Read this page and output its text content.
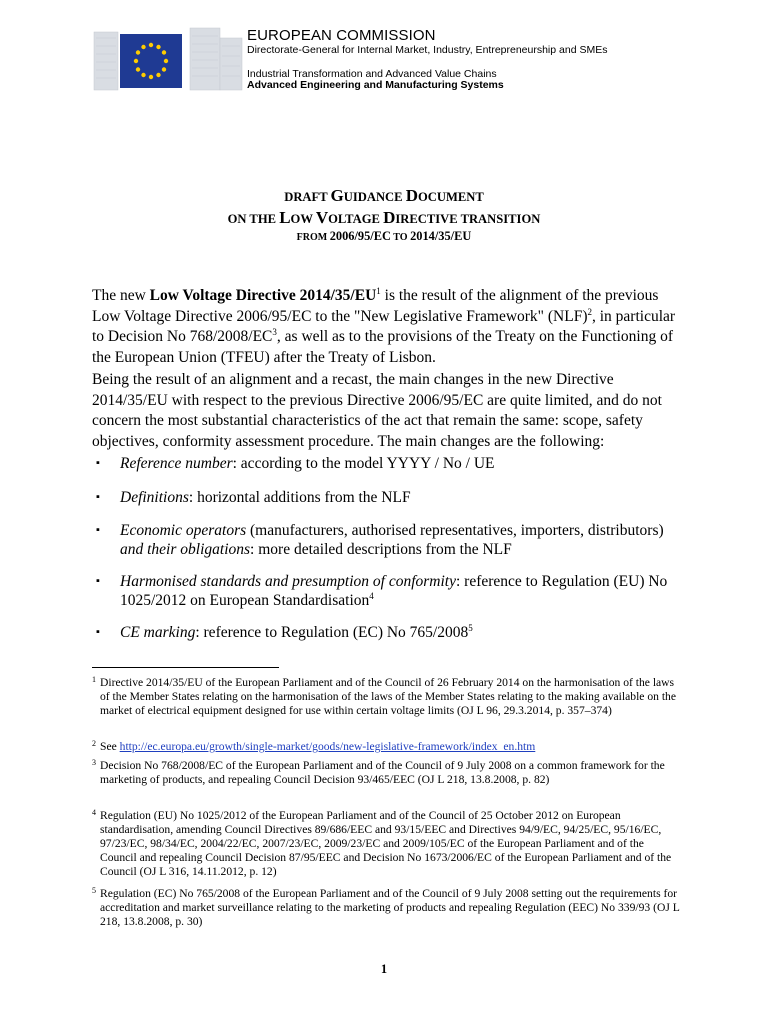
EUROPEAN COMMISSION
Directorate-General for Internal Market, Industry, Entrepreneurship and SMEs
Industrial Transformation and Advanced Value Chains
Advanced Engineering and Manufacturing Systems
DRAFT GUIDANCE DOCUMENT
ON THE LOW VOLTAGE DIRECTIVE TRANSITION
FROM 2006/95/EC TO 2014/35/EU
The new Low Voltage Directive $2014/35/EU^1$ is the result of the alignment of the previous Low Voltage Directive 2006/95/EC to the "New Legislative Framework" (NLF)$^2$, in particular to Decision No $768/2008/EC^3$, as well as to the provisions of the Treaty on the Functioning of the European Union (TFEU) after the Treaty of Lisbon.
Being the result of an alignment and a recast, the main changes in the new Directive 2014/35/EU with respect to the previous Directive 2006/95/EC are quite limited, and do not concern the most substantial characteristics of the act that remain the same: scope, safety objectives, conformity assessment procedure. The main changes are the following:
▪ Reference number: according to the model YYYY / No / UE
▪ Definitions: horizontal additions from the NLF
▪ Economic operators (manufacturers, authorised representatives, importers, distributors) and their obligations: more detailed descriptions from the NLF
▪ Harmonised standards and presumption of conformity: reference to Regulation (EU) No 1025/2012 on European Standardisation$^4$
▪ CE marking: reference to Regulation (EC) No 765/2008$^5$
1 Directive 2014/35/EU of the European Parliament and of the Council of 26 February 2014 on the harmonisation of the laws of the Member States relating on the harmonisation of the laws of the Member States relating to the making available on the market of electrical equipment designed for use within certain voltage limits (OJ L 96, 29.3.2014, p. 357–374)
2 See http://ec.europa.eu/growth/single-market/goods/new-legislative-framework/index_en.htm
3 Decision No 768/2008/EC of the European Parliament and of the Council of 9 July 2008 on a common framework for the marketing of products, and repealing Council Decision 93/465/EEC (OJ L 218, 13.8.2008, p. 82)
4 Regulation (EU) No 1025/2012 of the European Parliament and of the Council of 25 October 2012 on European standardisation, amending Council Directives 89/686/EEC and 93/15/EEC and Directives 94/9/EC, 94/25/EC, 95/16/EC, 97/23/EC, 98/34/EC, 2004/22/EC, 2007/23/EC, 2009/23/EC and 2009/105/EC of the European Parliament and of the Council and repealing Council Decision 87/95/EEC and Decision No 1673/2006/EC of the European Parliament and of the Council (OJ L 316, 14.11.2012, p. 12)
5 Regulation (EC) No 765/2008 of the European Parliament and of the Council of 9 July 2008 setting out the requirements for accreditation and market surveillance relating to the marketing of products and repealing Regulation (EEC) No 339/93 (OJ L 218, 13.8.2008, p. 30)
1
